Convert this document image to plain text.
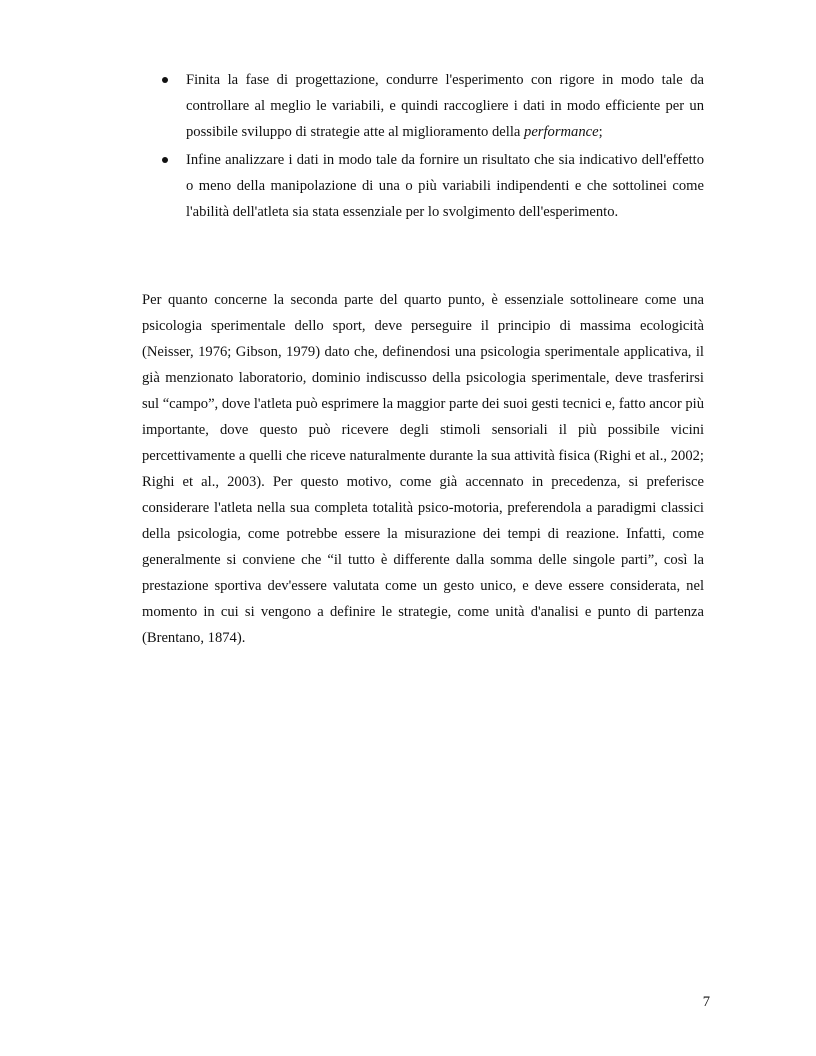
Finita la fase di progettazione, condurre l'esperimento con rigore in modo tale da controllare al meglio le variabili, e quindi raccogliere i dati in modo efficiente per un possibile sviluppo di strategie atte al miglioramento della performance;
Infine analizzare i dati in modo tale da fornire un risultato che sia indicativo dell'effetto o meno della manipolazione di una o più variabili indipendenti e che sottolinei come l'abilità dell'atleta sia stata essenziale per lo svolgimento dell'esperimento.

Per quanto concerne la seconda parte del quarto punto, è essenziale sottolineare come una psicologia sperimentale dello sport, deve perseguire il principio di massima ecologicità (Neisser, 1976; Gibson, 1979) dato che, definendosi una psicologia sperimentale applicativa, il già menzionato laboratorio, dominio indiscusso della psicologia sperimentale, deve trasferirsi sul “campo”, dove l'atleta può esprimere la maggior parte dei suoi gesti tecnici e, fatto ancor più importante, dove questo può ricevere degli stimoli sensoriali il più possibile vicini percettivamente a quelli che riceve naturalmente durante la sua attività fisica (Righi et al., 2002; Righi et al., 2003). Per questo motivo, come già accennato in precedenza, si preferisce considerare l'atleta nella sua completa totalità psico-motoria, preferendola a paradigmi classici della psicologia, come potrebbe essere la misurazione dei tempi di reazione. Infatti, come generalmente si conviene che “il tutto è differente dalla somma delle singole parti”, così la prestazione sportiva dev'essere valutata come un gesto unico, e deve essere considerata, nel momento in cui si vengono a definire le strategie, come unità d'analisi e punto di partenza (Brentano, 1874).

7
